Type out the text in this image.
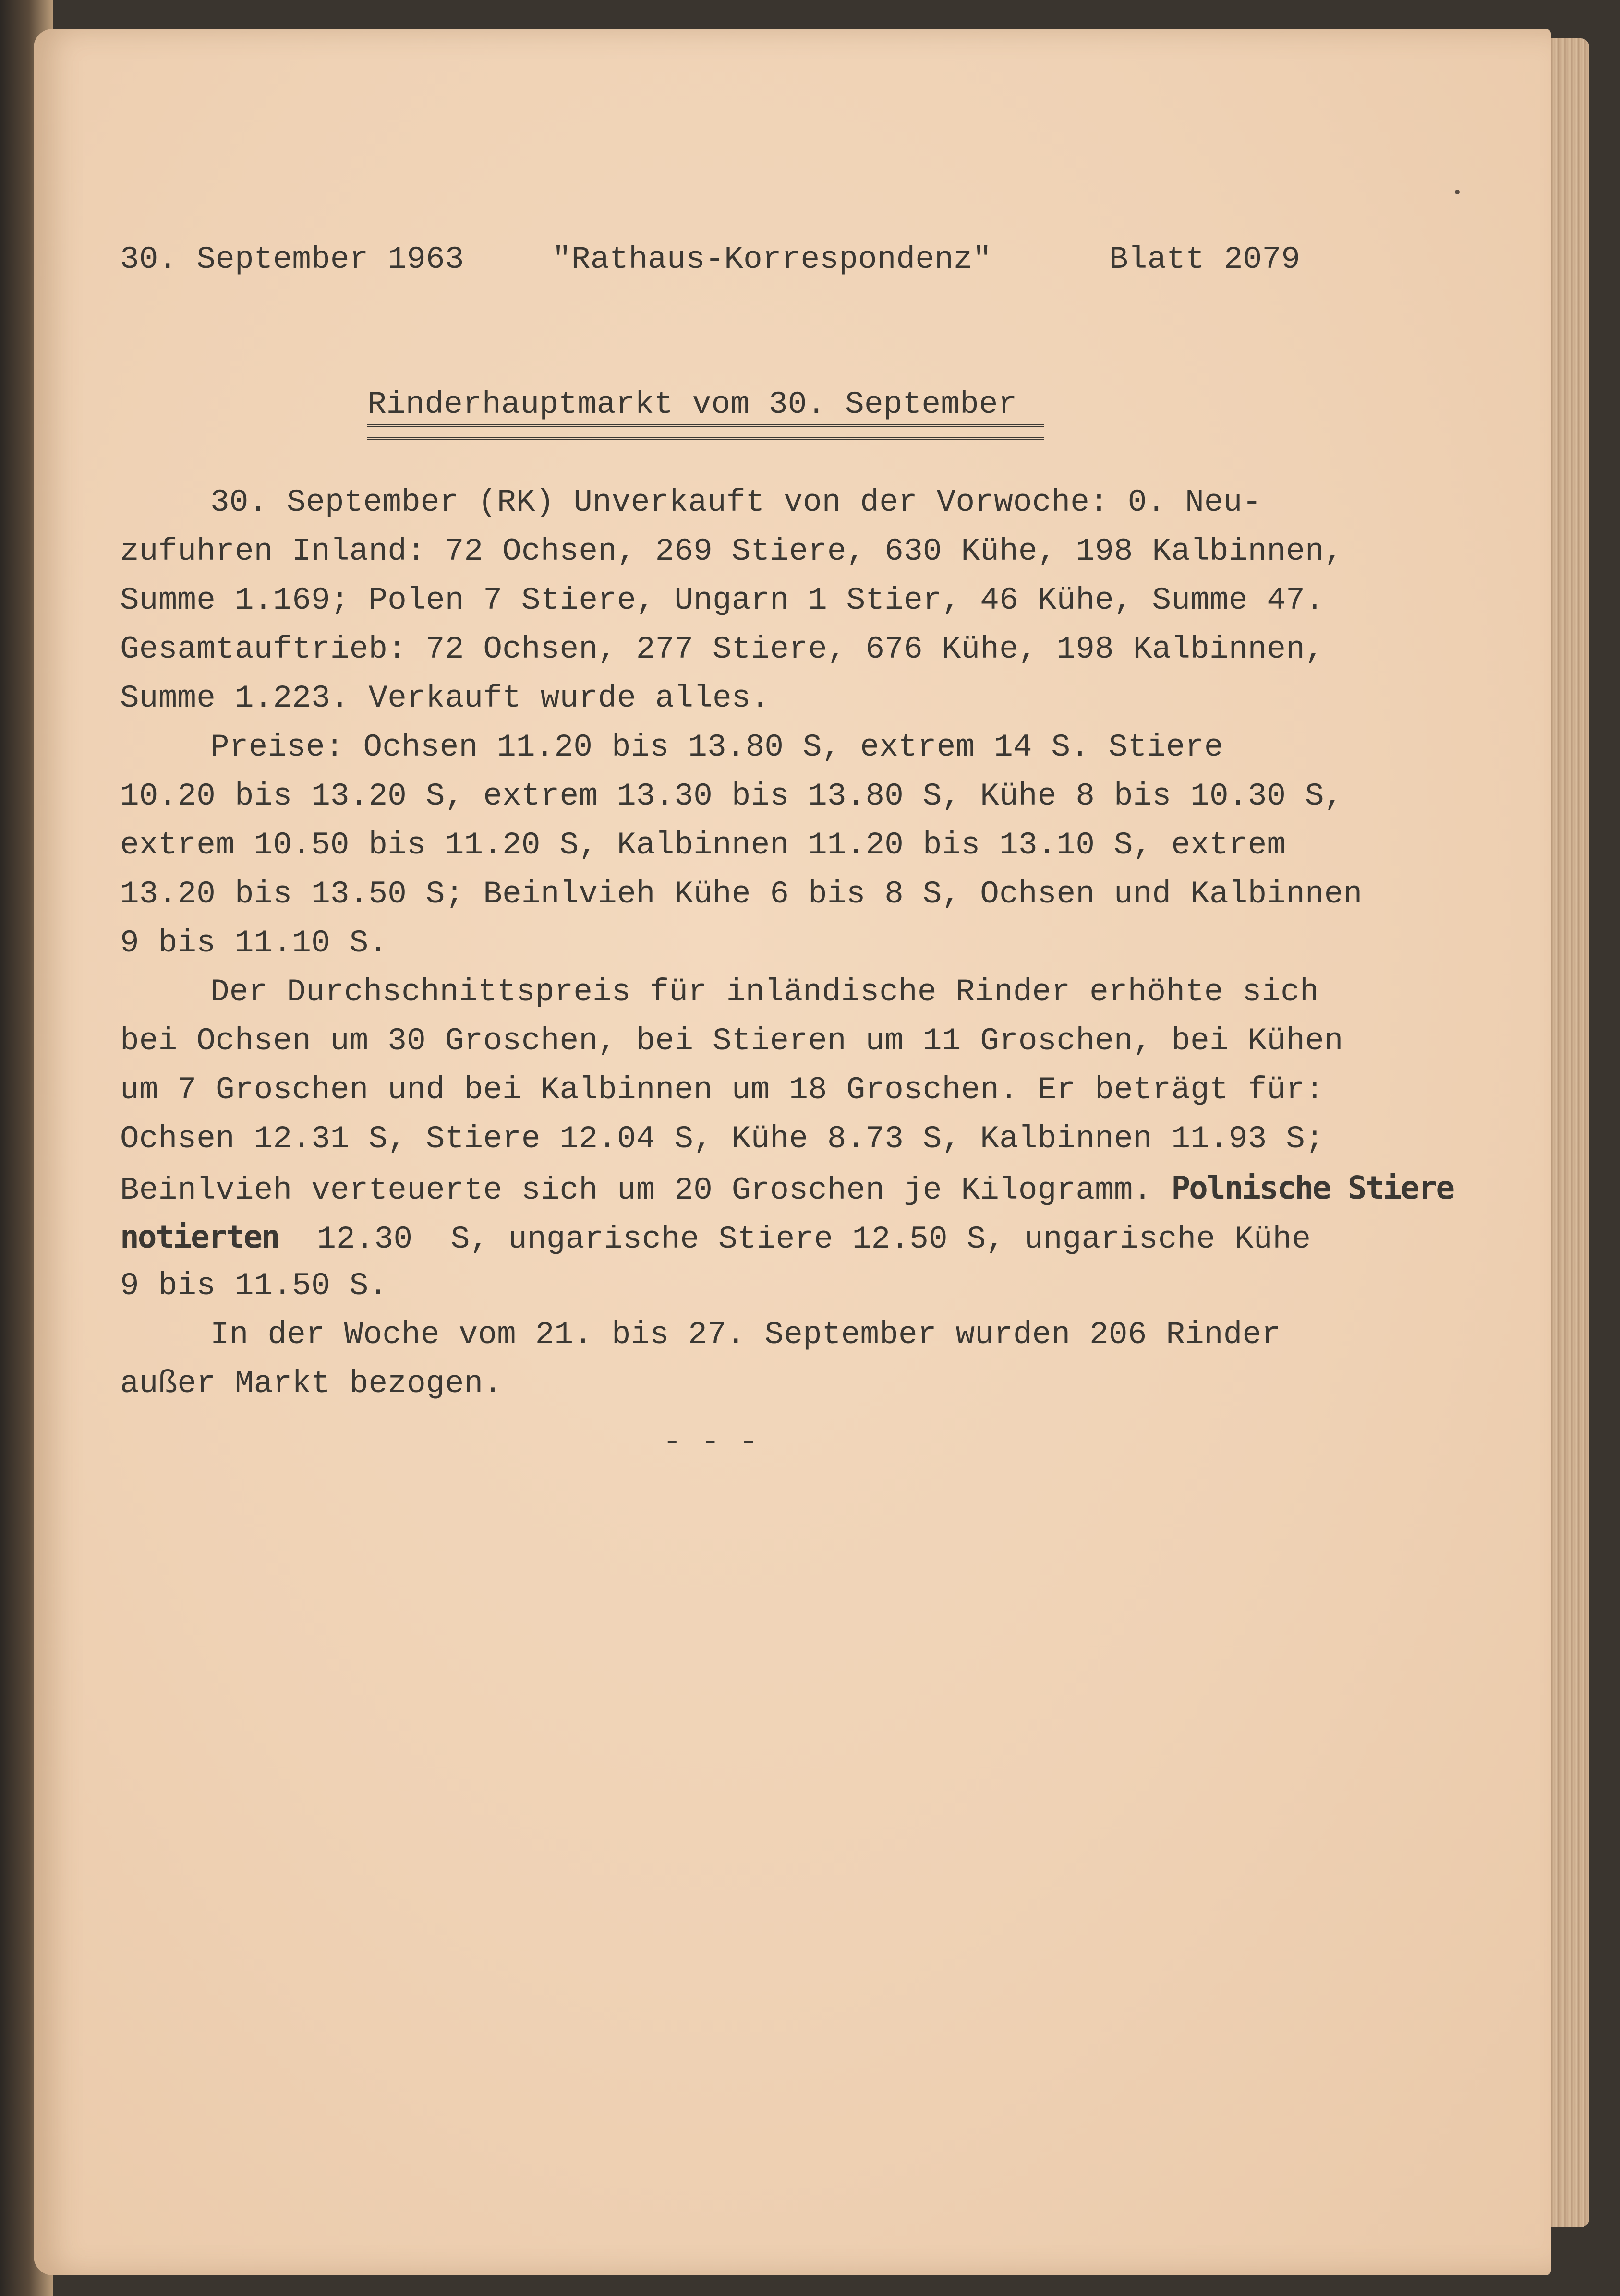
30. September 1963	"Rathaus-Korrespondenz"	Blatt 2079
Rinderhauptmarkt vom 30. September
30. September (RK) Unverkauft von der Vorwoche: 0. Neu-
zufuhren Inland: 72 Ochsen, 269 Stiere, 630 Kühe, 198 Kalbinnen,
Summe 1.169; Polen 7 Stiere, Ungarn 1 Stier, 46 Kühe, Summe 47.
Gesamtauftrieb: 72 Ochsen, 277 Stiere, 676 Kühe, 198 Kalbinnen,
Summe 1.223. Verkauft wurde alles.
Preise: Ochsen 11.20 bis 13.80 S, extrem 14 S. Stiere
10.20 bis 13.20 S, extrem 13.30 bis 13.80 S, Kühe 8 bis 10.30 S,
extrem 10.50 bis 11.20 S, Kalbinnen 11.20 bis 13.10 S, extrem
13.20 bis 13.50 S; Beinlvieh Kühe 6 bis 8 S, Ochsen und Kalbinnen
9 bis 11.10 S.
Der Durchschnittspreis für inländische Rinder erhöhte sich
bei Ochsen um 30 Groschen, bei Stieren um 11 Groschen, bei Kühen
um 7 Groschen und bei Kalbinnen um 18 Groschen. Er beträgt für:
Ochsen 12.31 S, Stiere 12.04 S, Kühe 8.73 S, Kalbinnen 11.93 S;
Beinlvieh verteuerte sich um 20 Groschen je Kilogramm. Polnische Stiere
notierten  12.30  S, ungarische Stiere 12.50 S, ungarische Kühe
9 bis 11.50 S.
In der Woche vom 21. bis 27. September wurden 206 Rinder
außer Markt bezogen.
- - -
